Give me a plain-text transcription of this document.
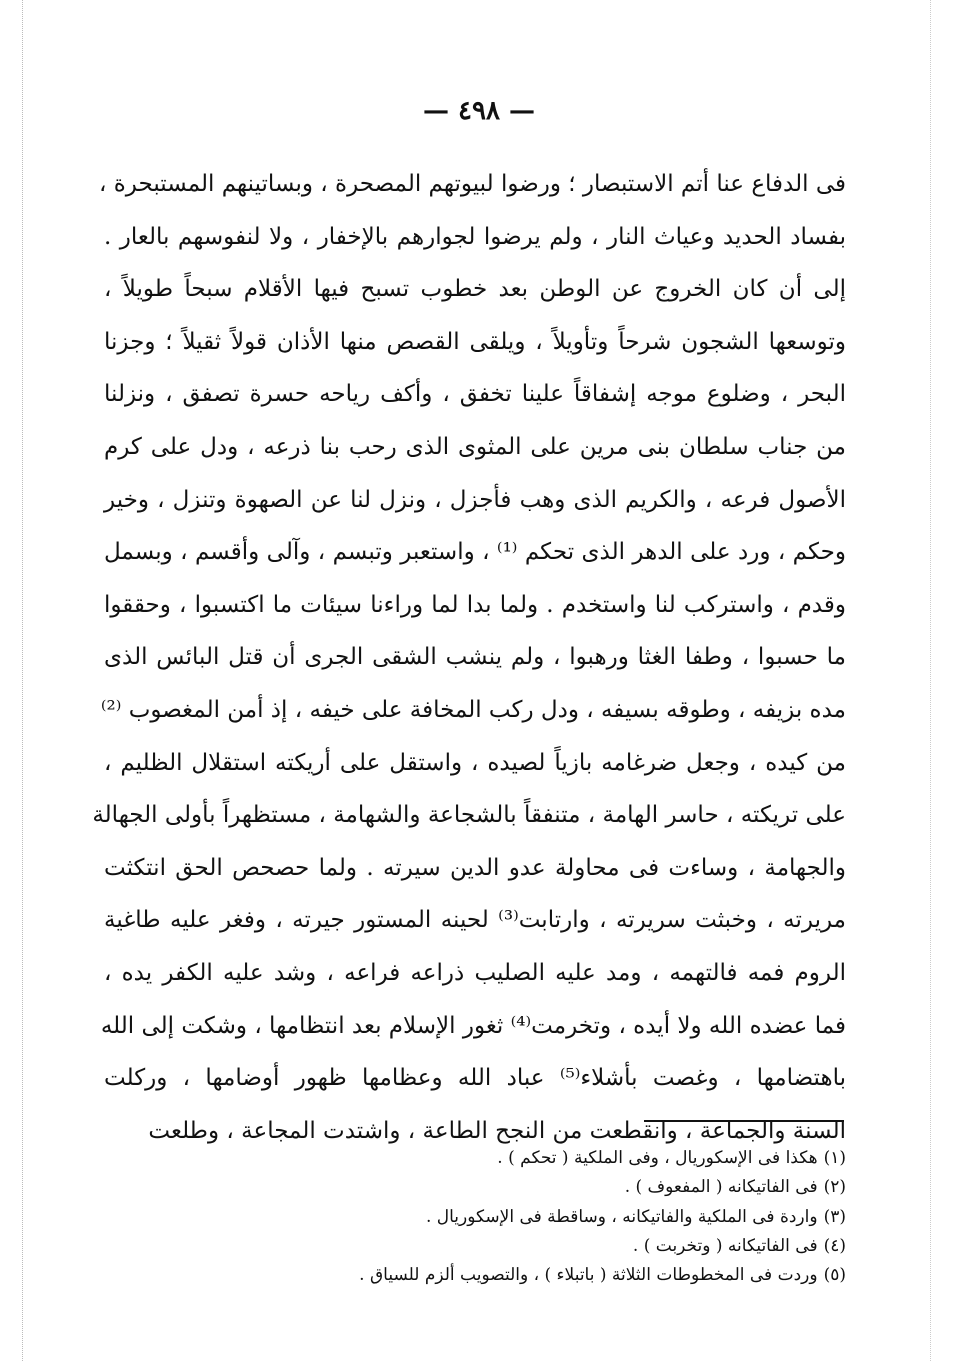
— ٤٩٨ —
فى الدفاع عنا أتم الاستبصار ؛ ورضوا لبيوتهم المصحرة ، وبساتينهم المستبحرة ،
بفساد الحديد وعياث النار ، ولم يرضوا لجوارهم بالإخفار ، ولا لنفوسهم بالعار .
إلى أن كان الخروج عن الوطن بعد خطوب تسبح فيها الأقلام سبحاً طويلاً ،
وتوسعها الشجون شرحاً وتأويلاً ، ويلقى القصص منها الأذان قولاً ثقيلاً ؛ وجزنا
البحر ، وضلوع موجه إشفاقاً علينا تخفق ، وأكف رياحه حسرة تصفق ، ونزلنا
من جناب سلطان بنى مرين على المثوى الذى رحب بنا ذرعه ، ودل على كرم
الأصول فرعه ، والكريم الذى وهب فأجزل ، ونزل لنا عن الصهوة وتنزل ، وخير
وحكم ، ورد على الدهر الذى تحكم ⁽¹⁾ ، واستعبر وتبسم ، وآلى وأقسم ، وبسمل
وقدم ، واسترکب لنا واستخدم . ولما بدا لما وراءنا سيئات ما اكتسبوا ، وحققوا
ما حسبوا ، وطفا الغثا ورهبوا ، ولم ينشب الشقى الجرى أن قتل البائس الذى
مده بزيفه ، وطوقه بسيفه ، ودل ركب المخافة على خيفه ، إذ أمن المغصوب ⁽²⁾
من كيده ، وجعل ضرغامه بازياً لصيده ، واستقل على أريكته استقلال الظليم ،
على تريكته ، حاسر الهامة ، متنفقاً بالشجاعة والشهامة ، مستظهراً بأولى الجهالة
والجهامة ، وساءت فى محاولة عدو الدين سيرته . ولما حصحص الحق انتكثت
مريرته ، وخبثت سريرته ، وارتابت⁽³⁾ لحينه المستور جيرته ، وفغر عليه طاغية
الروم فمه فالتهمه ، ومد عليه الصليب ذراعه فراعه ، وشد عليه الكفر يده ،
فما عضده الله ولا أيده ، وتخرمت⁽⁴⁾ ثغور الإسلام بعد انتظامها ، وشكت إلى الله
باهتضامها ، وغصت بأشلاء⁽⁵⁾ عباد الله وعظامها ظهور أوضامها ، وركلت
السنة والجماعة ، وانقطعت من النجح الطاعة ، واشتدت المجاعة ، وطلعت
(١)هكذا فى الإسكوريال ، وفى الملكية ( تحكم ) .
(٢)فى الفاتيكانه ( المفعوف ) .
(٣)واردة فى الملكية والفاتيكانه ، وساقطة فى الإسكوريال .
(٤)فى الفاتيكانه ( وتخربت ) .
(٥)وردت فى المخطوطات الثلاثة ( باتبلاء ) ، والتصويب ألزم للسياق .
